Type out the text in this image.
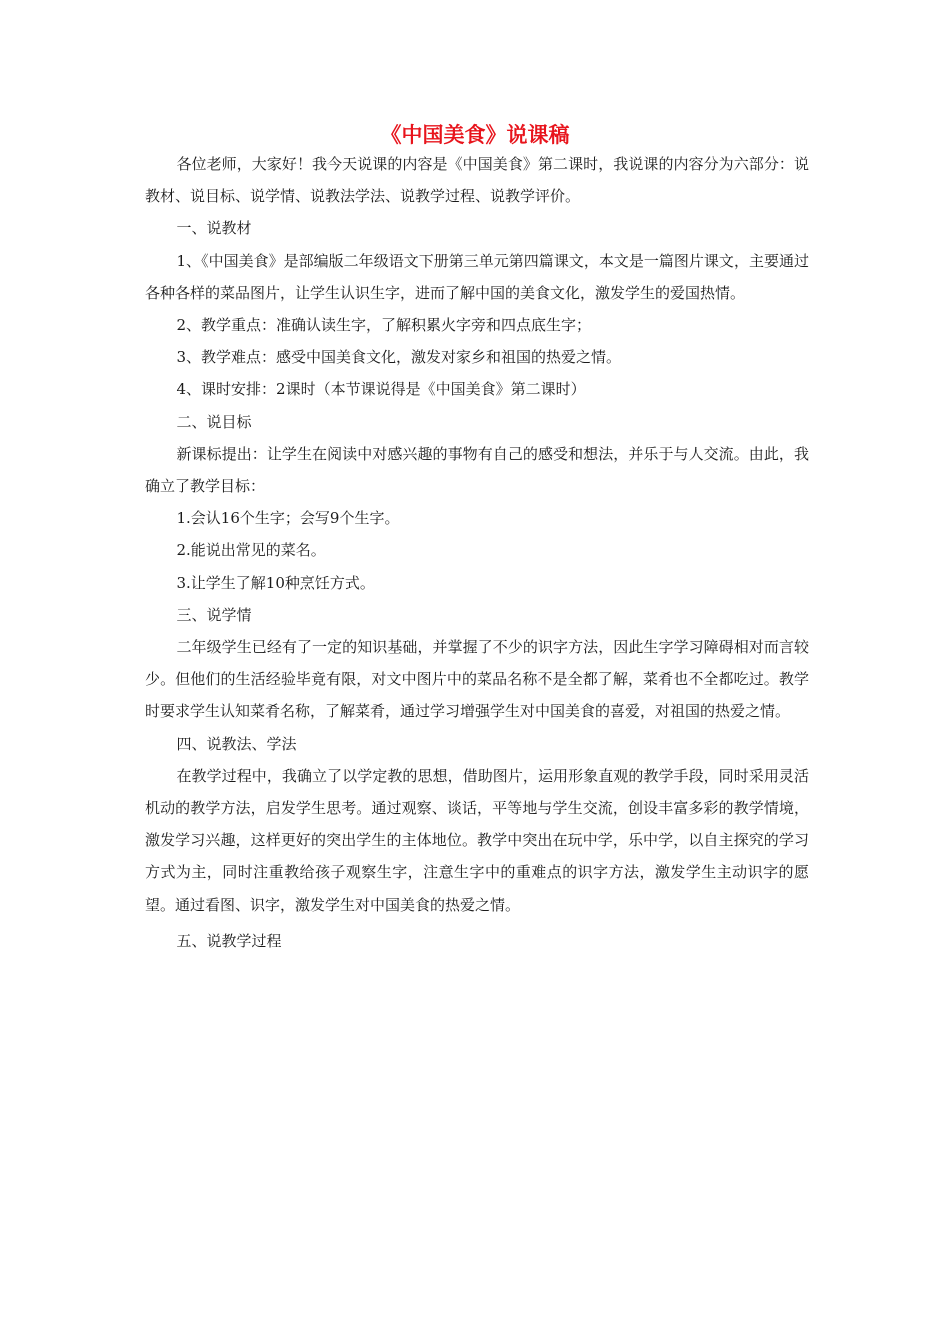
《中国美食》说课稿

各位老师，大家好！我今天说课的内容是《中国美食》第二课时，我说课的内容分为六部分：说教材、说目标、说学情、说教法学法、说教学过程、说教学评价。

一、说教材

1、《中国美食》是部编版二年级语文下册第三单元第四篇课文，本文是一篇图片课文，主要通过各种各样的菜品图片，让学生认识生字，进而了解中国的美食文化，激发学生的爱国热情。

2、教学重点：准确认读生字，了解积累火字旁和四点底生字；

3、教学难点：感受中国美食文化，激发对家乡和祖国的热爱之情。

4、课时安排：2课时（本节课说得是《中国美食》第二课时）

二、说目标

新课标提出：让学生在阅读中对感兴趣的事物有自己的感受和想法，并乐于与人交流。由此，我确立了教学目标：

1.会认16个生字；会写9个生字。

2.能说出常见的菜名。

3.让学生了解10种烹饪方式。

三、说学情

二年级学生已经有了一定的知识基础，并掌握了不少的识字方法，因此生字学习障碍相对而言较少。但他们的生活经验毕竟有限，对文中图片中的菜品名称不是全都了解，菜肴也不全都吃过。教学时要求学生认知菜肴名称，了解菜肴，通过学习增强学生对中国美食的喜爱，对祖国的热爱之情。

四、说教法、学法

在教学过程中，我确立了以学定教的思想，借助图片，运用形象直观的教学手段，同时采用灵活机动的教学方法，启发学生思考。通过观察、谈话，平等地与学生交流，创设丰富多彩的教学情境，激发学习兴趣，这样更好的突出学生的主体地位。教学中突出在玩中学，乐中学，以自主探究的学习方式为主，同时注重教给孩子观察生字，注意生字中的重难点的识字方法，激发学生主动识字的愿望。通过看图、识字，激发学生对中国美食的热爱之情。

五、说教学过程
